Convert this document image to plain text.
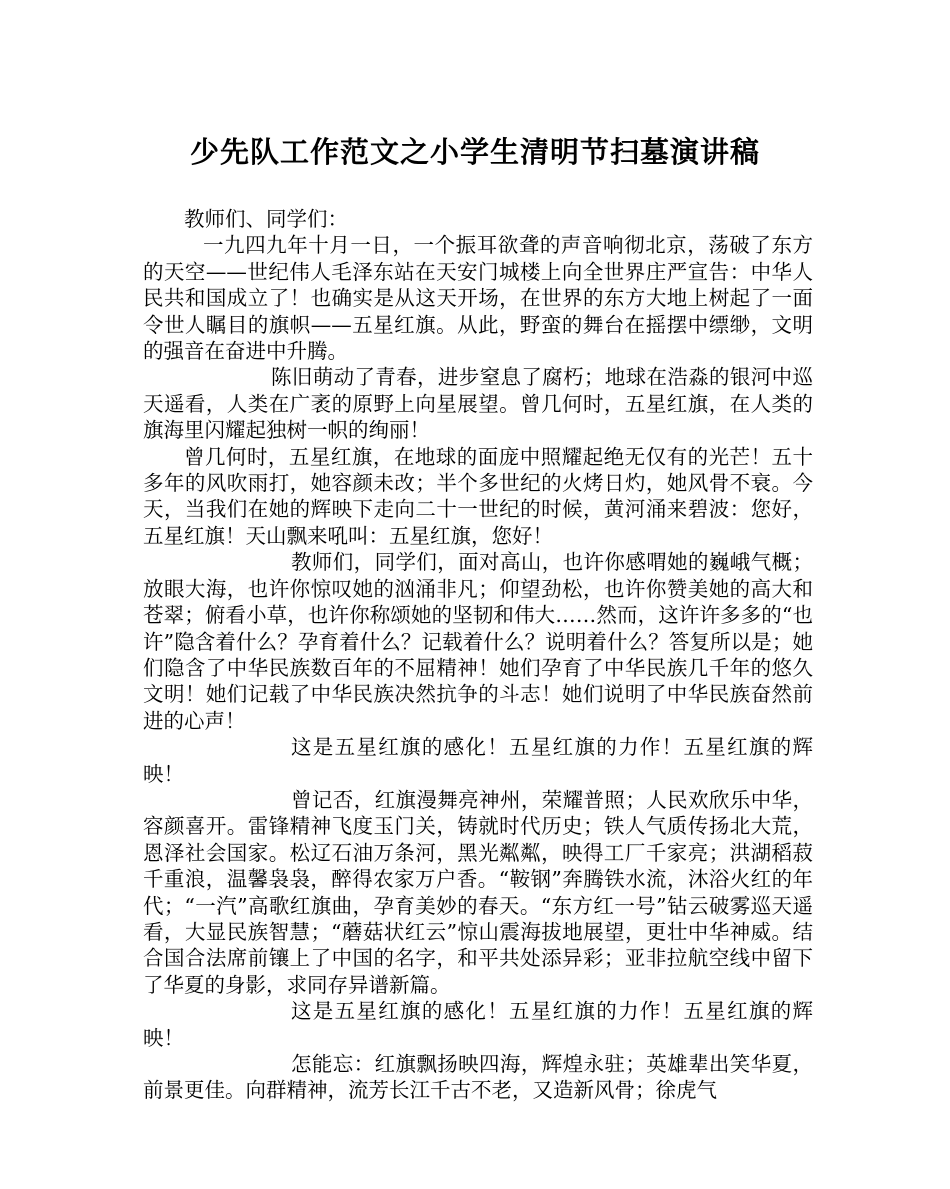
少先队工作范文之小学生清明节扫墓演讲稿

教师们、同学们：

一九四九年十月一日，一个振耳欲聋的声音响彻北京，荡破了东方的天空——世纪伟人毛泽东站在天安门城楼上向全世界庄严宣告：中华人民共和国成立了！也确实是从这天开场，在世界的东方大地上树起了一面令世人瞩目的旗帜——五星红旗。从此，野蛮的舞台在摇摆中缥缈，文明的强音在奋进中升腾。

陈旧萌动了青春，进步窒息了腐朽；地球在浩淼的银河中巡天遥看，人类在广袤的原野上向星展望。曾几何时，五星红旗，在人类的旗海里闪耀起独树一帜的绚丽！

曾几何时，五星红旗，在地球的面庞中照耀起绝无仅有的光芒！五十多年的风吹雨打，她容颜未改；半个多世纪的火烤日灼，她风骨不衰。今天，当我们在她的辉映下走向二十一世纪的时候，黄河涌来碧波：您好，五星红旗！天山飘来吼叫：五星红旗，您好！

教师们，同学们，面对高山，也许你感喟她的巍峨气概；放眼大海，也许你惊叹她的汹涌非凡；仰望劲松，也许你赞美她的高大和苍翠；俯看小草，也许你称颂她的坚韧和伟大……然而，这许许多多的“也许”隐含着什么？孕育着什么？记载着什么？说明着什么？答复所以是；她们隐含了中华民族数百年的不屈精神！她们孕育了中华民族几千年的悠久文明！她们记载了中华民族决然抗争的斗志！她们说明了中华民族奋然前进的心声！

这是五星红旗的感化！五星红旗的力作！五星红旗的辉映！

曾记否，红旗漫舞亮神州，荣耀普照；人民欢欣乐中华，容颜喜开。雷锋精神飞度玉门关，铸就时代历史；铁人气质传扬北大荒，恩泽社会国家。松辽石油万条河，黑光粼粼，映得工厂千家亮；洪湖稻菽千重浪，温馨袅袅，醉得农家万户香。“鞍钢”奔腾铁水流，沐浴火红的年代；“一汽”高歌红旗曲，孕育美妙的春天。“东方红一号”钻云破雾巡天遥看，大显民族智慧；“蘑菇状红云”惊山震海拔地展望，更壮中华神威。结合国合法席前镶上了中国的名字，和平共处添异彩；亚非拉航空线中留下了华夏的身影，求同存异谱新篇。

这是五星红旗的感化！五星红旗的力作！五星红旗的辉映！

怎能忘：红旗飘扬映四海，辉煌永驻；英雄辈出笑华夏，前景更佳。向群精神，流芳长江千古不老，又造新风骨；徐虎气
